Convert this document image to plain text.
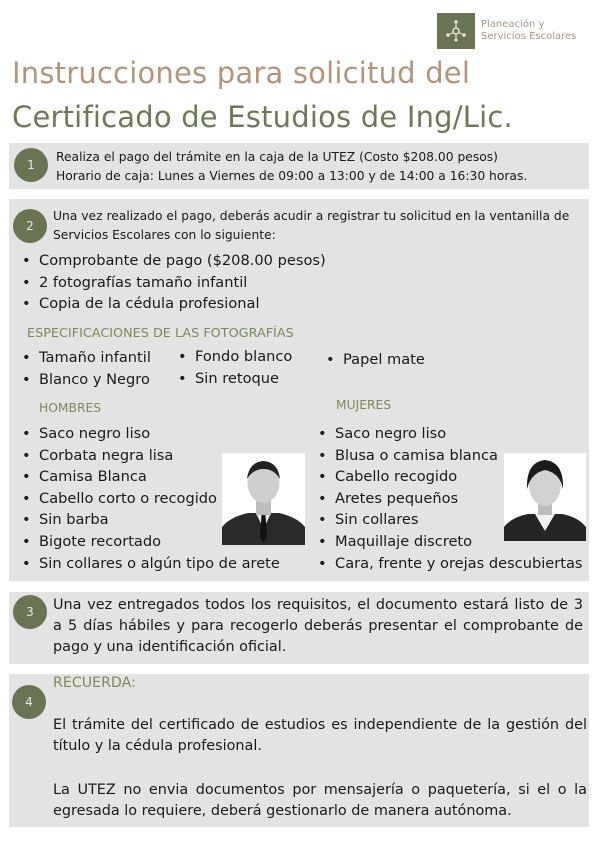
Planeación y
Servicios Escolares
Instrucciones para solicitud del
Certificado de Estudios de Ing/Lic.
1
Realiza el pago del trámite en la caja de la UTEZ (Costo $208.00 pesos)
Horario de caja: Lunes a Viernes de 09:00 a 13:00 y de 14:00 a 16:30 horas.
2
Una vez realizado el pago, deberás acudir a registrar tu solicitud en la ventanilla de Servicios Escolares con lo siguiente:
• Comprobante de pago ($208.00 pesos)
• 2 fotografías tamaño infantil
• Copia de la cédula profesional
ESPECIFICACIONES DE LAS FOTOGRAFÍAS
• Tamaño infantil
• Blanco y Negro
• Fondo blanco
• Sin retoque
• Papel mate
HOMBRES	MUJERES
• Saco negro liso
• Corbata negra lisa
• Camisa Blanca
• Cabello corto o recogido
• Sin barba
• Bigote recortado
• Sin collares o algún tipo de arete
• Saco negro liso
• Blusa o camisa blanca
• Cabello recogido
• Aretes pequeños
• Sin collares
• Maquillaje discreto
• Cara, frente y orejas descubiertas
3	Una vez entregados todos los requisitos, el documento estará listo de 3 a 5 días hábiles y para recogerlo deberás presentar el comprobante de pago y una identificación oficial.
4
RECUERDA:
El trámite del certificado de estudios es independiente de la gestión del título y la cédula profesional.
La UTEZ no envia documentos por mensajería o paquetería, si el o la egresada lo requiere, deberá gestionarlo de manera autónoma.
